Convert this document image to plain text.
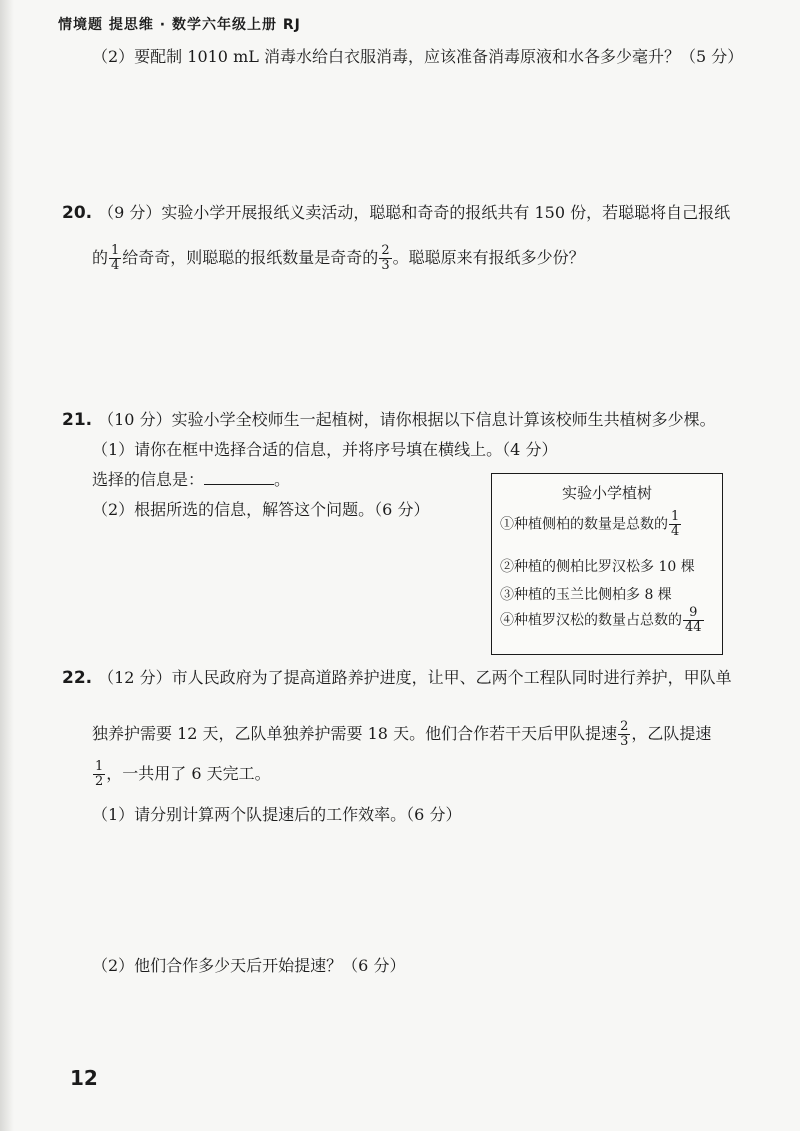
情境题 提思维 · 数学六年级上册 RJ
（2）要配制 1010 mL 消毒水给白衣服消毒，应该准备消毒原液和水各多少毫升？（5 分）
20. （9 分）实验小学开展报纸义卖活动，聪聪和奇奇的报纸共有 150 份，若聪聪将自己报纸
的 $\frac{1}{4}$ 给奇奇，则聪聪的报纸数量是奇奇的 $\frac{2}{3}$ 。聪聪原来有报纸多少份？
21. （10 分）实验小学全校师生一起植树，请你根据以下信息计算该校师生共植树多少棵。
（1）请你在框中选择合适的信息，并将序号填在横线上。（4 分）
选择的信息是：	。
（2）根据所选的信息，解答这个问题。（6 分）
实验小学植树
①种植侧柏的数量是总数的 $\frac{1}{4}$
②种植的侧柏比罗汉松多 10 棵
③种植的玉兰比侧柏多 8 棵
④种植罗汉松的数量占总数的 $\frac{9}{44}$
22. （12 分）市人民政府为了提高道路养护进度，让甲、乙两个工程队同时进行养护，甲队单
独养护需要 12 天，乙队单独养护需要 18 天。他们合作若干天后甲队提速 $\frac{2}{3}$ ，乙队提速
$\frac{1}{2}$ ，一共用了 6 天完工。
（1）请分别计算两个队提速后的工作效率。（6 分）
（2）他们合作多少天后开始提速？（6 分）
12
